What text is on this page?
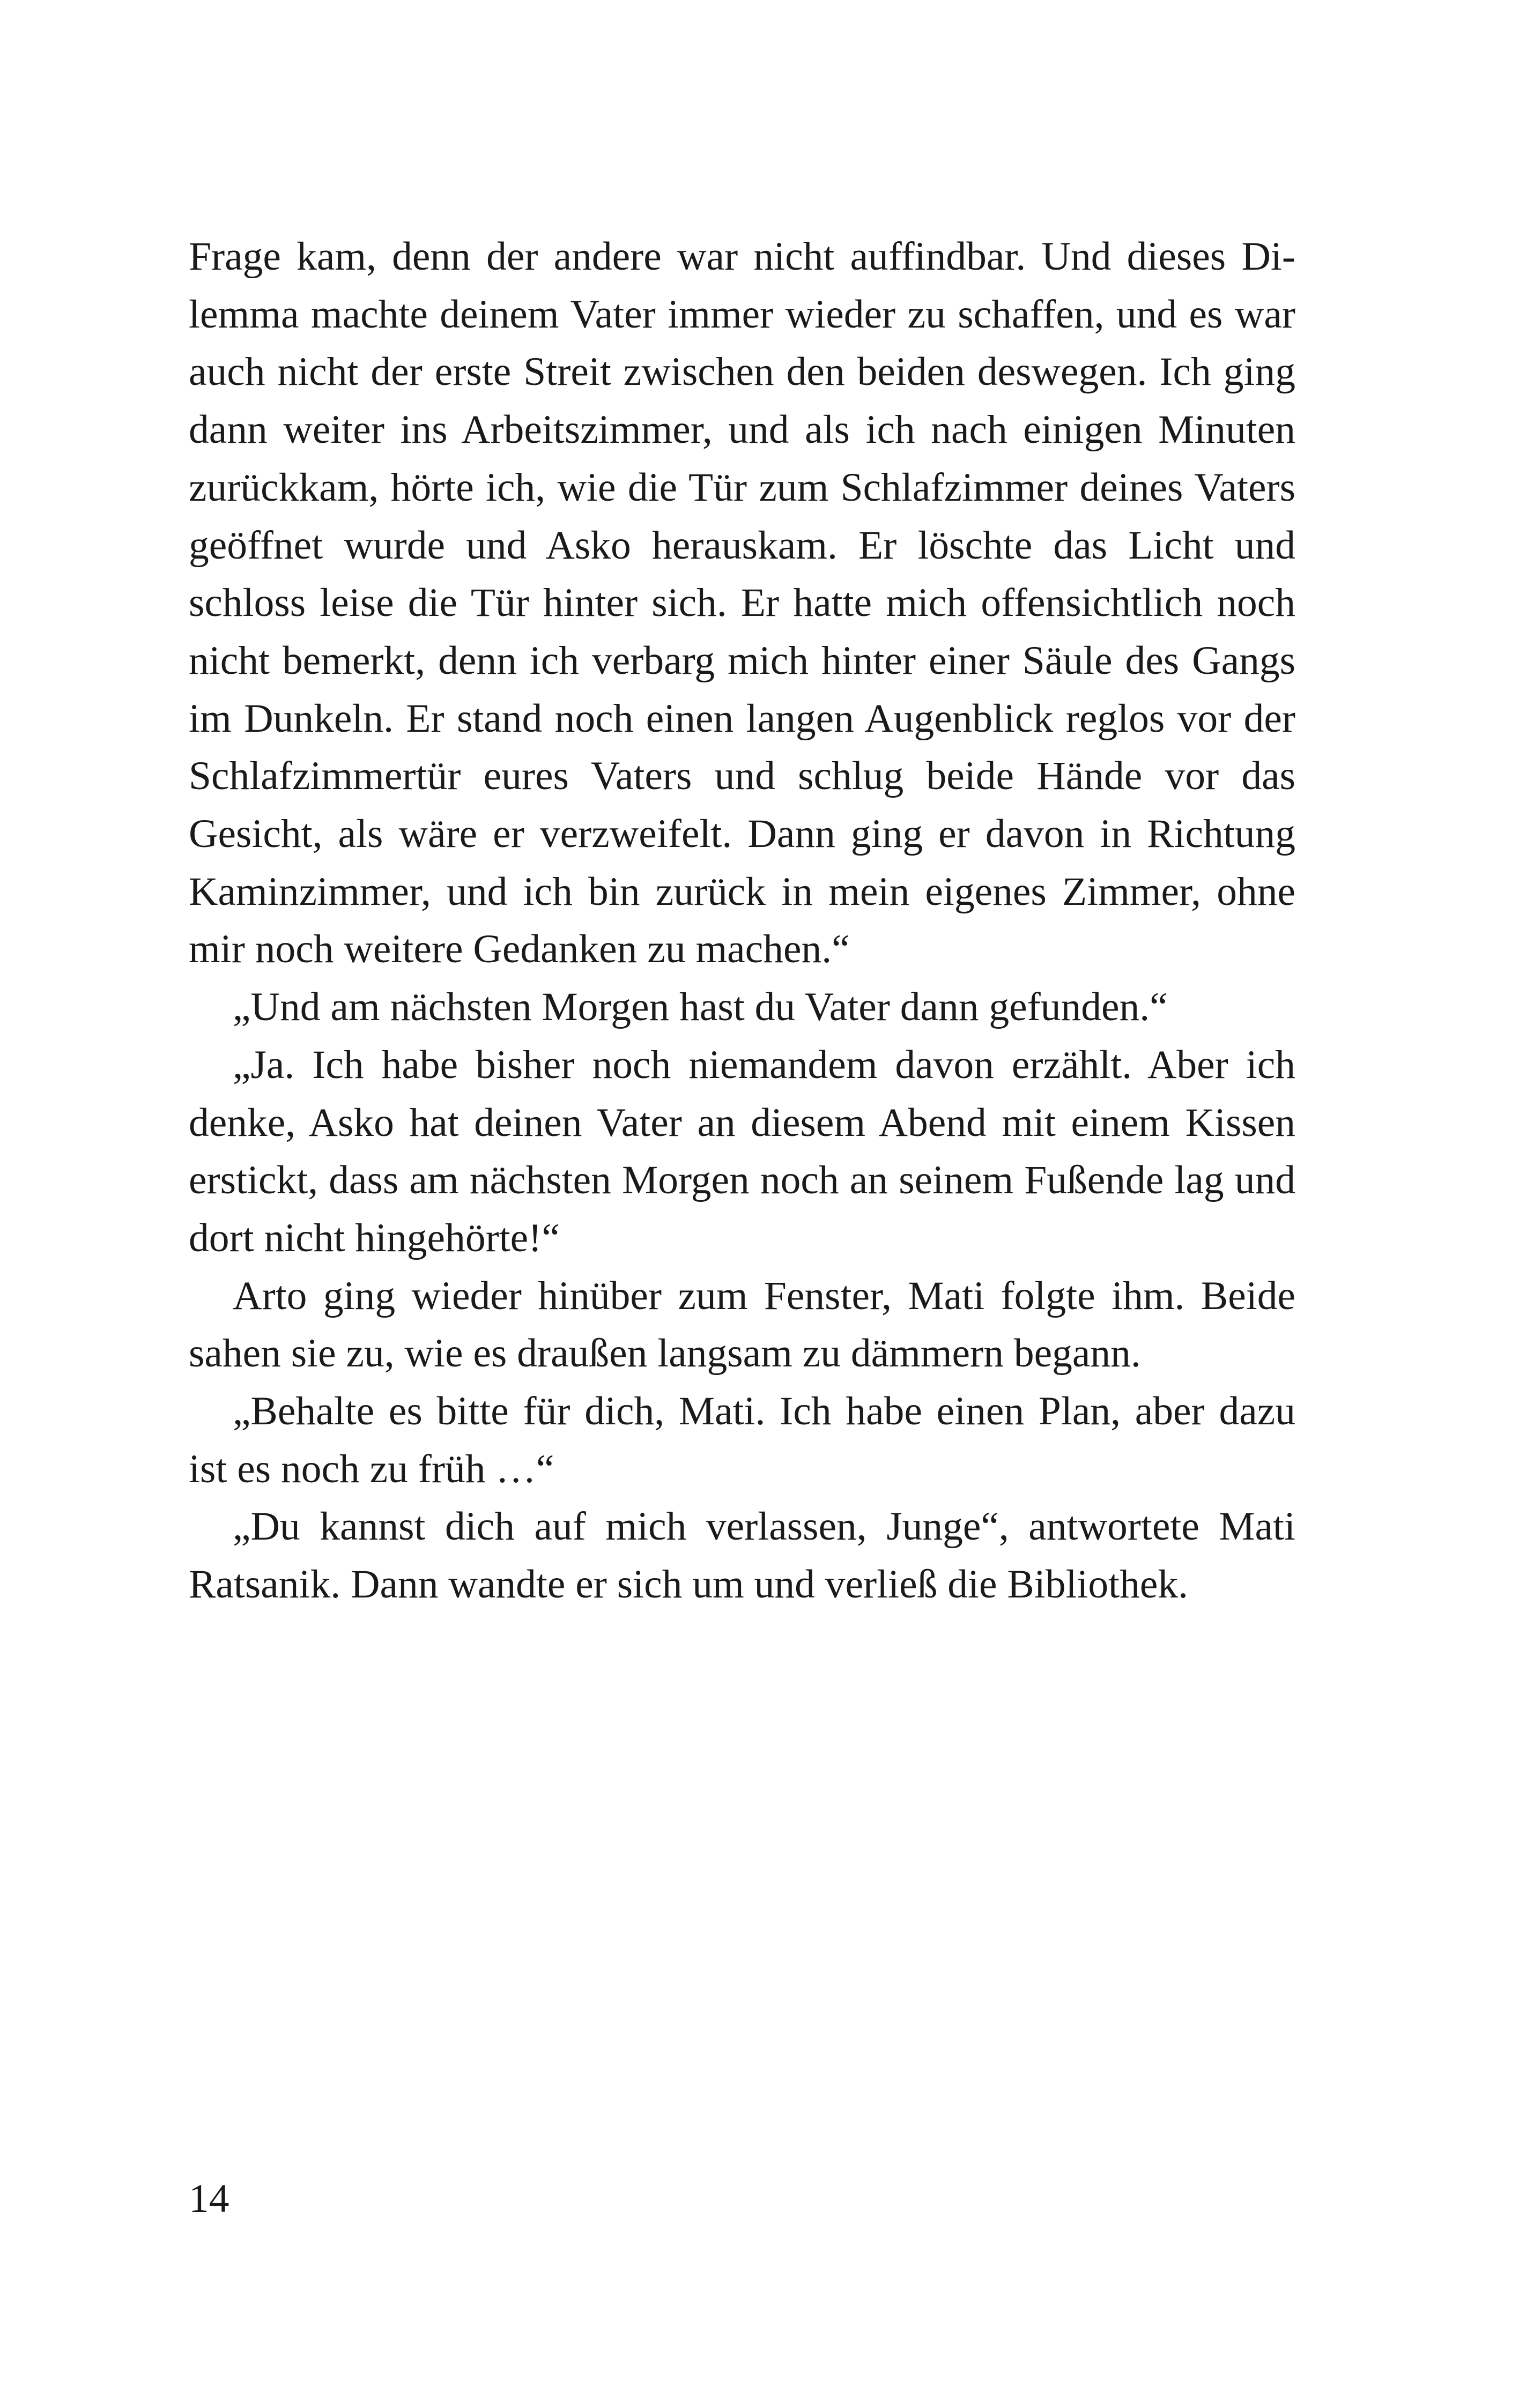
Frage kam, denn der andere war nicht auffindbar. Und dieses Dilemma machte deinem Vater immer wieder zu schaffen, und es war auch nicht der erste Streit zwischen den beiden deswegen. Ich ging dann weiter ins Arbeitszimmer, und als ich nach einigen Minuten zurückkam, hörte ich, wie die Tür zum Schlafzimmer deines Vaters geöffnet wurde und Asko herauskam. Er löschte das Licht und schloss leise die Tür hinter sich. Er hatte mich offensichtlich noch nicht bemerkt, denn ich verbarg mich hinter einer Säule des Gangs im Dunkeln. Er stand noch einen langen Augenblick reglos vor der Schlafzimmertür eures Vaters und schlug beide Hände vor das Gesicht, als wäre er verzweifelt. Dann ging er davon in Richtung Kaminzimmer, und ich bin zurück in mein eigenes Zimmer, ohne mir noch weitere Gedanken zu machen.“

„Und am nächsten Morgen hast du Vater dann gefunden.“

„Ja. Ich habe bisher noch niemandem davon erzählt. Aber ich denke, Asko hat deinen Vater an diesem Abend mit einem Kissen erstickt, dass am nächsten Morgen noch an seinem Fußende lag und dort nicht hingehörte!“

Arto ging wieder hinüber zum Fenster, Mati folgte ihm. Beide sahen sie zu, wie es draußen langsam zu dämmern begann.

„Behalte es bitte für dich, Mati. Ich habe einen Plan, aber dazu ist es noch zu früh …“

„Du kannst dich auf mich verlassen, Junge“, antwortete Mati Ratsanik. Dann wandte er sich um und verließ die Bibliothek.

14
